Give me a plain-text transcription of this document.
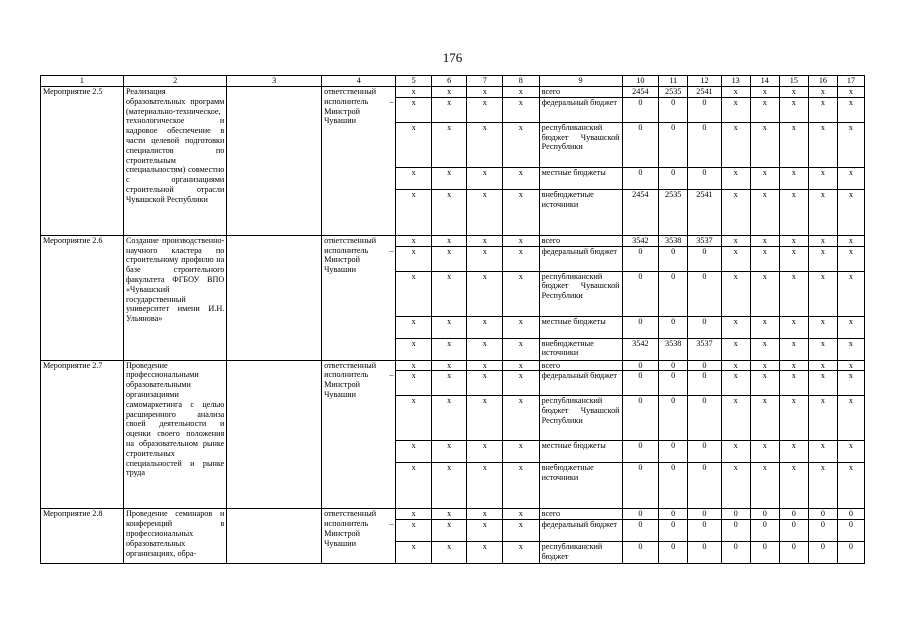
176
1	2	3	4	5	6	7	8	9	10	11	12	13	14	15	16	17
Мероприятие 2.5	Реализация образовательных программ (материально-техническое, технологическое и кадровое обеспечение в части целевой подготовки специалистов по строительным специальностям) совместно с организациями строительной отрасли Чувашской Республики		ответственный исполнитель – Минстрой Чувашии	x	x	x	x	всего	2454	2535	2541	x	x	x	x	x
				x	x	x	x	федеральный бюджет	0	0	0	x	x	x	x	x
				x	x	x	x	республиканский бюджет Чувашской Республики	0	0	0	x	x	x	x	x
				x	x	x	x	местные бюджеты	0	0	0	x	x	x	x	x
				x	x	x	x	внебюджетные источники	2454	2535	2541	x	x	x	x	x
Мероприятие 2.6	Создание производственно-научного кластера по строительному профилю на базе строительного факультета ФГБОУ ВПО «Чувашский государственный университет имени И.Н. Ульянова»		ответственный исполнитель – Минстрой Чувашии	x	x	x	x	всего	3542	3538	3537	x	x	x	x	x
				x	x	x	x	федеральный бюджет	0	0	0	x	x	x	x	x
				x	x	x	x	республиканский бюджет Чувашской Республики	0	0	0	x	x	x	x	x
				x	x	x	x	местные бюджеты	0	0	0	x	x	x	x	x
				x	x	x	x	внебюджетные источники	3542	3538	3537	x	x	x	x	x
Мероприятие 2.7	Проведение профессиональными образовательными организациями самомаркетинга с целью расширенного анализа своей деятельности и оценки своего положения на образовательном рынке строительных специальностей и рынке труда		ответственный исполнитель – Минстрой Чувашии	x	x	x	x	всего	0	0	0	x	x	x	x	x
				x	x	x	x	федеральный бюджет	0	0	0	x	x	x	x	x
				x	x	x	x	республиканский бюджет Чувашской Республики	0	0	0	x	x	x	x	x
				x	x	x	x	местные бюджеты	0	0	0	x	x	x	x	x
				x	x	x	x	внебюджетные источники	0	0	0	x	x	x	x	x
Мероприятие 2.8	Проведение семинаров и конференций в профессиональных образовательных организациях, обра-		ответственный исполнитель – Минстрой Чувашии	x	x	x	x	всего	0	0	0	0	0	0	0	0
				x	x	x	x	федеральный бюджет	0	0	0	0	0	0	0	0
				x	x	x	x	республиканский бюджет	0	0	0	0	0	0	0	0
